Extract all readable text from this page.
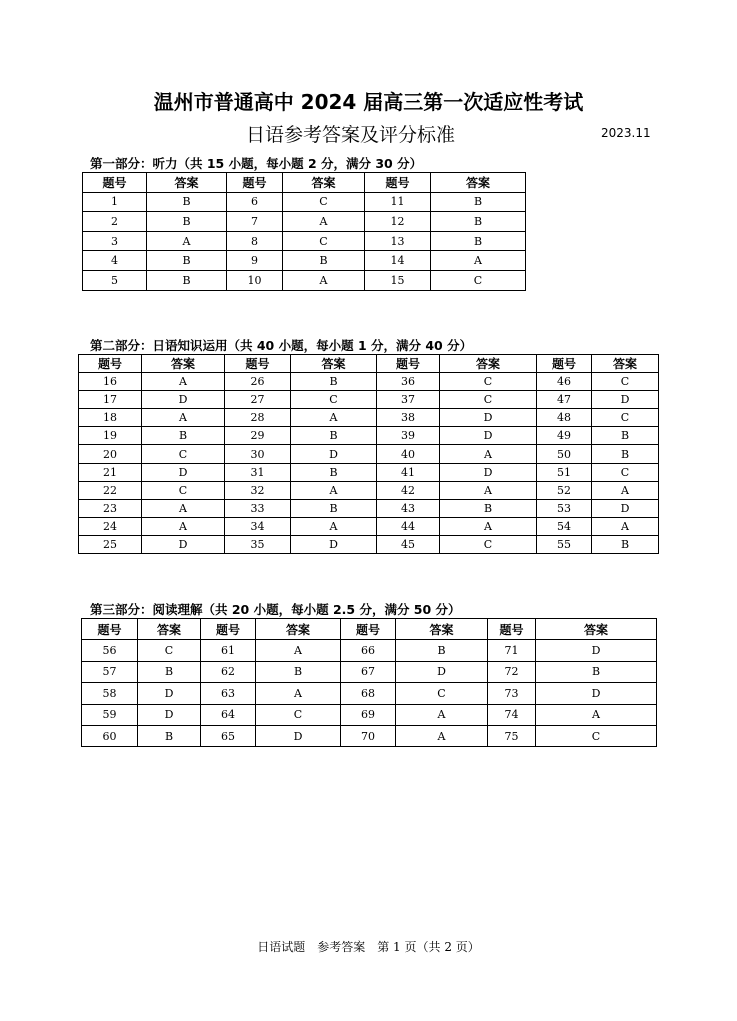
温州市普通高中 2024 届高三第一次适应性考试
日语参考答案及评分标准	2023.11
第一部分：听力（共 15 小题，每小题 2 分，满分 30 分）
题号	答案	题号	答案	题号	答案
1	B	6	C	11	B
2	B	7	A	12	B
3	A	8	C	13	B
4	B	9	B	14	A
5	B	10	A	15	C
第二部分：日语知识运用（共 40 小题，每小题 1 分，满分 40 分）
题号	答案	题号	答案	题号	答案	题号	答案
16	A	26	B	36	C	46	C
17	D	27	C	37	C	47	D
18	A	28	A	38	D	48	C
19	B	29	B	39	D	49	B
20	C	30	D	40	A	50	B
21	D	31	B	41	D	51	C
22	C	32	A	42	A	52	A
23	A	33	B	43	B	53	D
24	A	34	A	44	A	54	A
25	D	35	D	45	C	55	B
第三部分：阅读理解（共 20 小题，每小题 2.5 分，满分 50 分）
题号	答案	题号	答案	题号	答案	题号	答案
56	C	61	A	66	B	71	D
57	B	62	B	67	D	72	B
58	D	63	A	68	C	73	D
59	D	64	C	69	A	74	A
60	B	65	D	70	A	75	C
日语试题　参考答案　第 1 页（共 2 页）
